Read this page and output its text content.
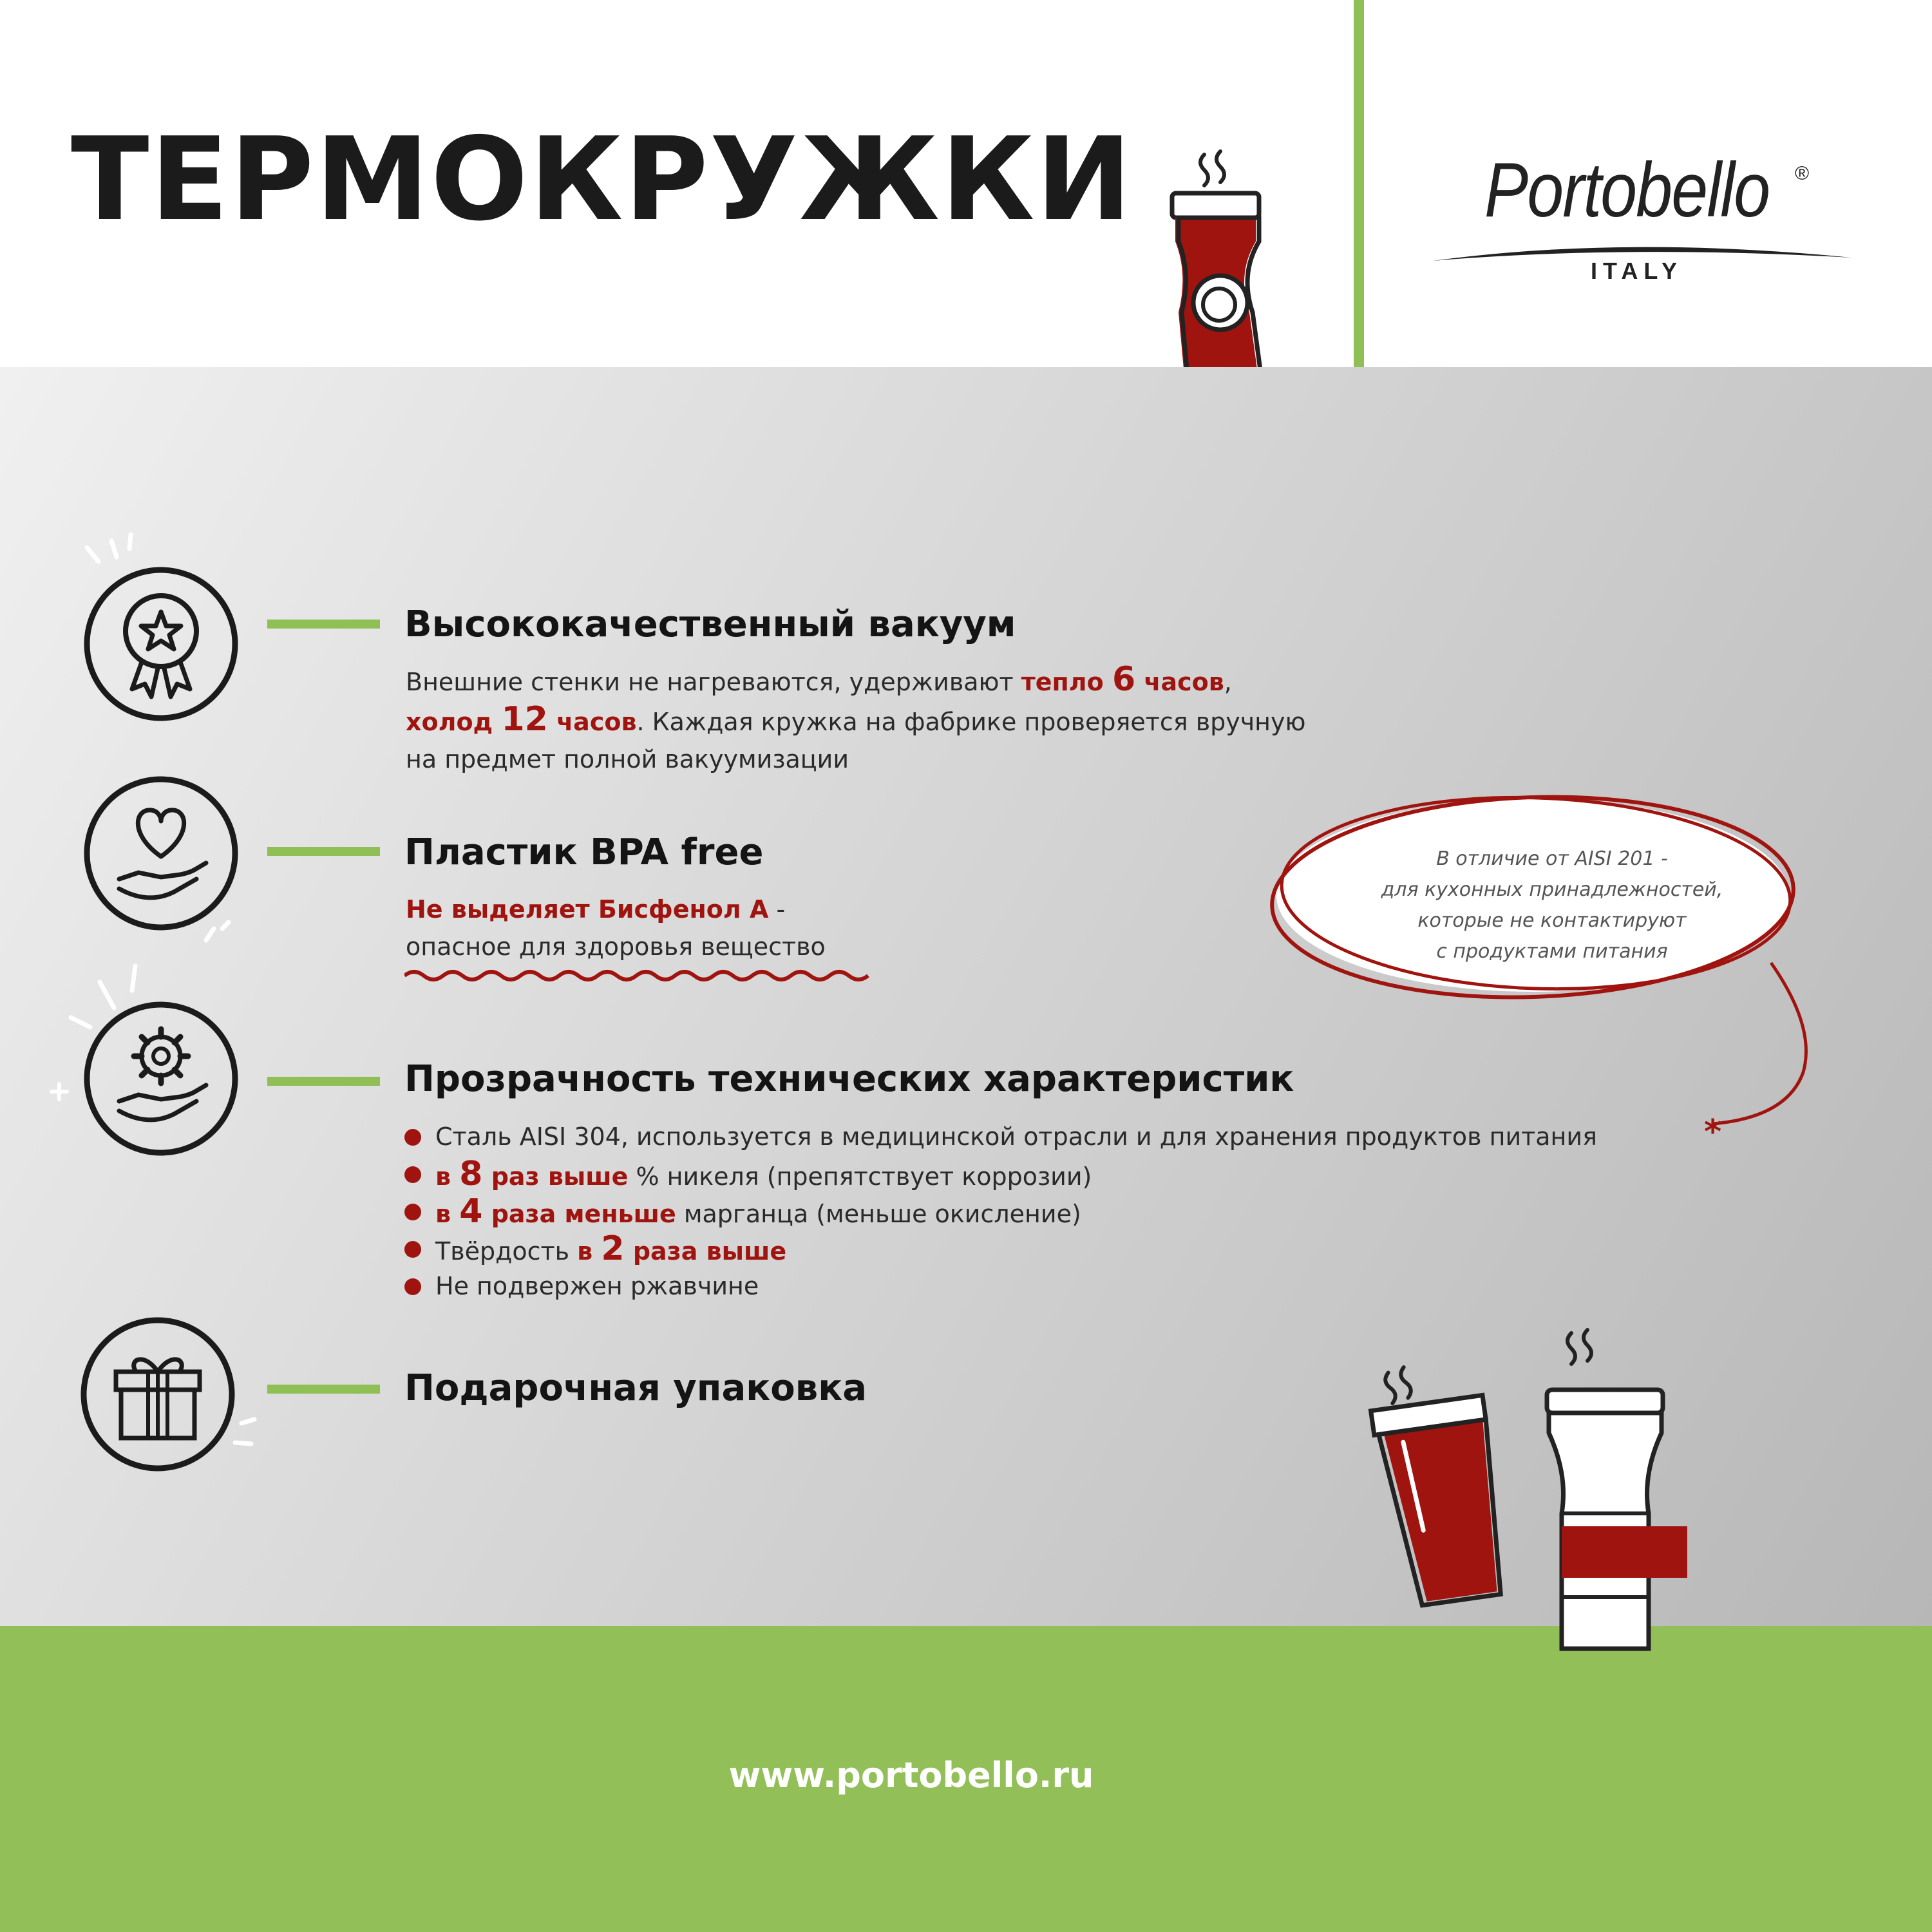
ТЕРМОКРУЖКИ	Portobello ®
ITALY
Высококачественный вакуум
Внешние стенки не нагреваются, удерживают тепло 6 часов,
холод 12 часов. Каждая кружка на фабрике проверяется вручную
на предмет полной вакуумизации
Пластик BPA free
Не выделяет Бисфенол А -
опасное для здоровья вещество
Прозрачность технических характеристик
Сталь AISI 304, используется в медицинской отрасли и для хранения продуктов питания
в 8 раз выше % никеля (препятствует коррозии)
в 4 раза меньше марганца (меньше окисление)
Твёрдость в 2 раза выше
Не подвержен ржавчине
*
Подарочная упаковка
В отличие от AISI 201 -
для кухонных принадлежностей,
которые не контактируют
с продуктами питания
www.portobello.ru
